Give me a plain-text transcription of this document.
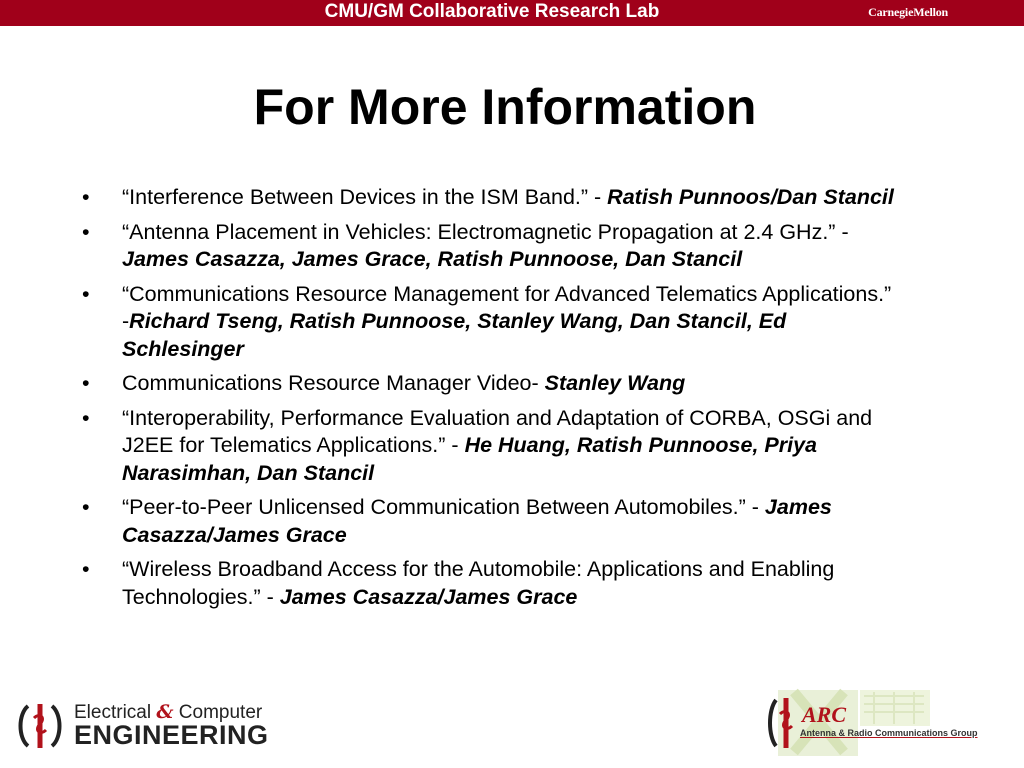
CMU/GM Collaborative Research Lab	CarnegieMellon
For More Information
• “Interference Between Devices in the ISM Band.” - Ratish Punnoos/Dan Stancil
• “Antenna Placement in Vehicles: Electromagnetic Propagation at 2.4 GHz.” - James Casazza, James Grace, Ratish Punnoose, Dan Stancil
• “Communications Resource Management for Advanced Telematics Applications.” -Richard Tseng, Ratish Punnoose, Stanley Wang, Dan Stancil, Ed Schlesinger
• Communications Resource Manager Video- Stanley Wang
• “Interoperability, Performance Evaluation and Adaptation of CORBA, OSGi and J2EE for Telematics Applications.” - He Huang, Ratish Punnoose, Priya Narasimhan, Dan Stancil
• “Peer-to-Peer Unlicensed Communication Between Automobiles.” - James Casazza/James Grace
• “Wireless Broadband Access for the Automobile: Applications and Enabling Technologies.” - James Casazza/James Grace
Electrical & Computer
ENGINEERING
ARC
Antenna & Radio Communications Group
